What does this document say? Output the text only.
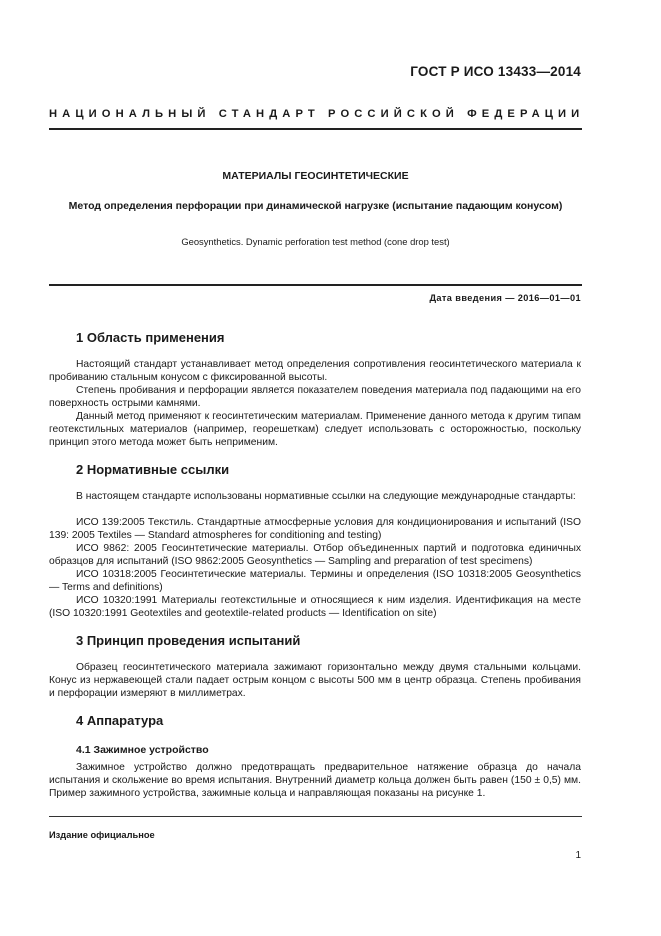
ГОСТ Р ИСО 13433—2014
НАЦИОНАЛЬНЫЙ СТАНДАРТ РОССИЙСКОЙ ФЕДЕРАЦИИ
МАТЕРИАЛЫ ГЕОСИНТЕТИЧЕСКИЕ
Метод определения перфорации при динамической нагрузке (испытание падающим конусом)
Geosynthetics. Dynamic perforation test method (cone drop test)
Дата введения — 2016—01—01
1 Область применения
Настоящий стандарт устанавливает метод определения сопротивления геосинтетического материала к пробиванию стальным конусом с фиксированной высоты.
Степень пробивания и перфорации является показателем поведения материала под падающими на его поверхность острыми камнями.
Данный метод применяют к геосинтетическим материалам. Применение данного метода к другим типам геотекстильных материалов (например, георешеткам) следует использовать с осторожностью, поскольку принцип этого метода может быть неприменим.
2 Нормативные ссылки
В настоящем стандарте использованы нормативные ссылки на следующие международные стандарты:
ИСО 139:2005 Текстиль. Стандартные атмосферные условия для кондиционирования и испытаний (ISO 139: 2005 Textiles — Standard atmospheres for conditioning and testing)
ИСО 9862: 2005 Геосинтетические материалы. Отбор объединенных партий и подготовка единичных образцов для испытаний (ISO 9862:2005 Geosynthetics — Sampling and preparation of test specimens)
ИСО 10318:2005 Геосинтетические материалы. Термины и определения (ISO 10318:2005 Geosynthetics — Terms and definitions)
ИСО 10320:1991 Материалы геотекстильные и относящиеся к ним изделия. Идентификация на месте (ISO 10320:1991 Geotextiles and geotextile-related products — Identification on site)
3 Принцип проведения испытаний
Образец геосинтетического материала зажимают горизонтально между двумя стальными кольцами. Конус из нержавеющей стали падает острым концом с высоты 500 мм в центр образца. Степень пробивания и перфорации измеряют в миллиметрах.
4 Аппаратура
4.1 Зажимное устройство
Зажимное устройство должно предотвращать предварительное натяжение образца до начала испытания и скольжение во время испытания. Внутренний диаметр кольца должен быть равен (150 ± 0,5) мм. Пример зажимного устройства, зажимные кольца и направляющая показаны на рисунке 1.
Издание официальное
1
